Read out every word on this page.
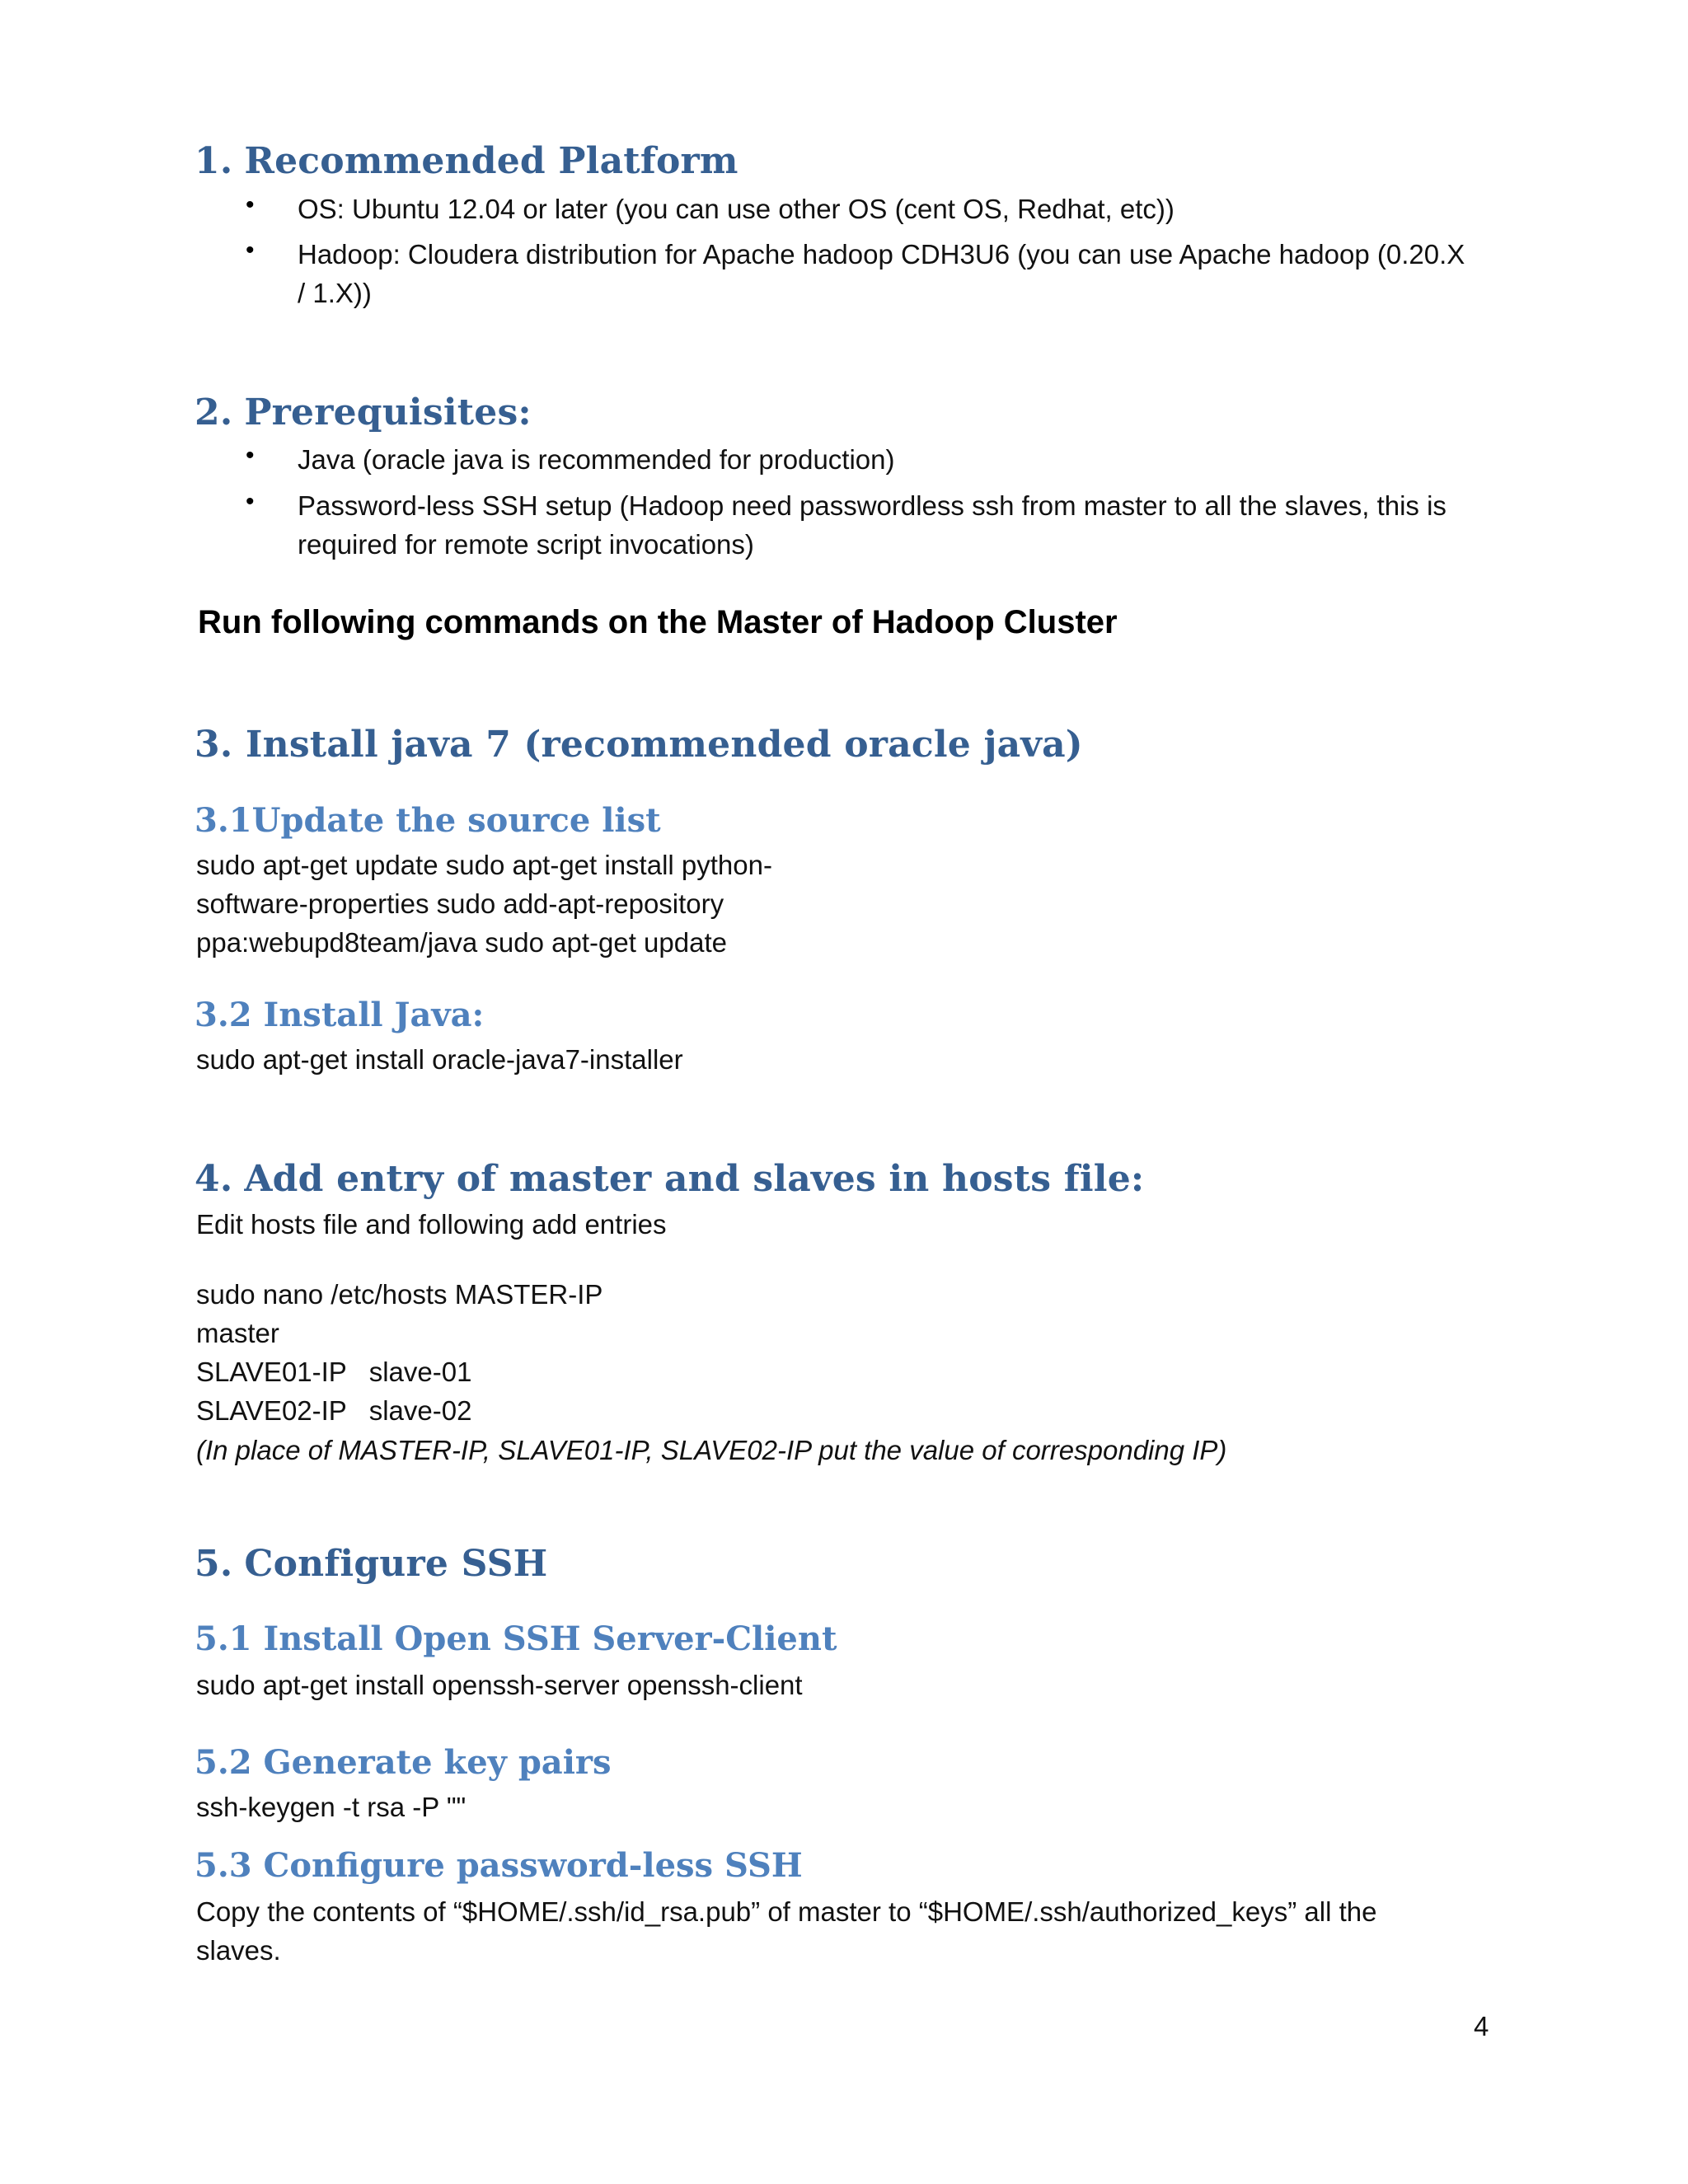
1. Recommended Platform
• OS: Ubuntu 12.04 or later (you can use other OS (cent OS, Redhat, etc))
• Hadoop: Cloudera distribution for Apache hadoop CDH3U6 (you can use Apache hadoop (0.20.X
/ 1.X))
2. Prerequisites:
• Java (oracle java is recommended for production)
• Password-less SSH setup (Hadoop need passwordless ssh from master to all the slaves, this is
required for remote script invocations)
Run following commands on the Master of Hadoop Cluster
3. Install java 7 (recommended oracle java)
3.1Update the source list
sudo apt-get update sudo apt-get install python-
software-properties sudo add-apt-repository
ppa:webupd8team/java sudo apt-get update
3.2 Install Java:
sudo apt-get install oracle-java7-installer
4. Add entry of master and slaves in hosts file:
Edit hosts file and following add entries
sudo nano /etc/hosts MASTER-IP
master
SLAVE01-IP   slave-01
SLAVE02-IP   slave-02
(In place of MASTER-IP, SLAVE01-IP, SLAVE02-IP put the value of corresponding IP)
5. Configure SSH
5.1 Install Open SSH Server-Client
sudo apt-get install openssh-server openssh-client
5.2 Generate key pairs
ssh-keygen -t rsa -P ""
5.3 Configure password-less SSH
Copy the contents of “$HOME/.ssh/id_rsa.pub” of master to “$HOME/.ssh/authorized_keys” all the
slaves.
4
